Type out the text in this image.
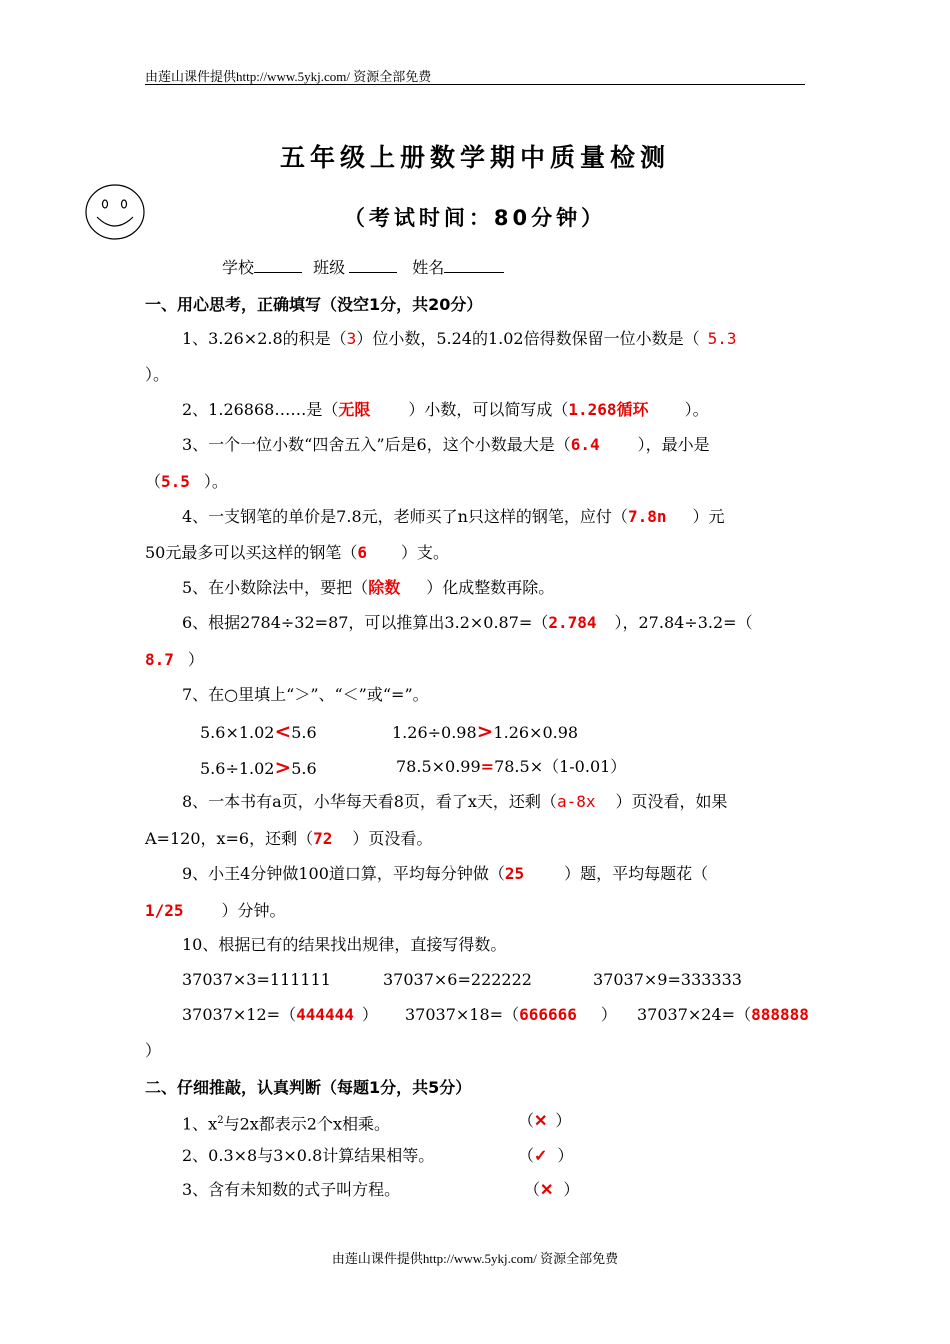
由莲山课件提供http://www.5ykj.com/ 资源全部免费
五年级上册数学期中质量检测
（考试时间：80分钟）
学校	班级	姓名
一、用心思考，正确填写（没空1分，共20分）
1、3.26×2.8的积是（3）位小数，5.24的1.02倍得数保留一位小数是（ 5.3
）。
2、1.26868……是（无限 ）小数，可以简写成（1.268循环 ）。
3、一个一位小数“四舍五入”后是6，这个小数最大是（6.4 ），最小是
（5.5 ）。
4、一支钢笔的单价是7.8元，老师买了n只这样的钢笔，应付（7.8n ）元
50元最多可以买这样的钢笔（6 ）支。
5、在小数除法中，要把（除数 ）化成整数再除。
6、根据2784÷32=87，可以推算出3.2×0.87=（2.784 ），27.84÷3.2=（
8.7 ）
7、在○里填上“＞”、“＜”或“=”。
5.6×1.02<5.6	1.26÷0.98>1.26×0.98
5.6÷1.02>5.6	78.5×0.99=78.5×（1-0.01）
8、一本书有a页，小华每天看8页，看了x天，还剩（a-8x ）页没看，如果
A=120，x=6，还剩（72 ）页没看。
9、小王4分钟做100道口算，平均每分钟做（25	）题，平均每题花（
1/25 ）分钟。
10、根据已有的结果找出规律，直接写得数。
37037×3=111111	37037×6=222222	37037×9=333333
37037×12=（444444 ） 37037×18=（666666 ） 37037×24=（888888
）
二、仔细推敲，认真判断（每题1分，共5分）
1、$x^2$与2x都表示2个x相乘。	（✕ ）
2、0.3×8与3×0.8计算结果相等。	（✓ ）
3、含有未知数的式子叫方程。	（✕ ）
由莲山课件提供http://www.5ykj.com/ 资源全部免费
